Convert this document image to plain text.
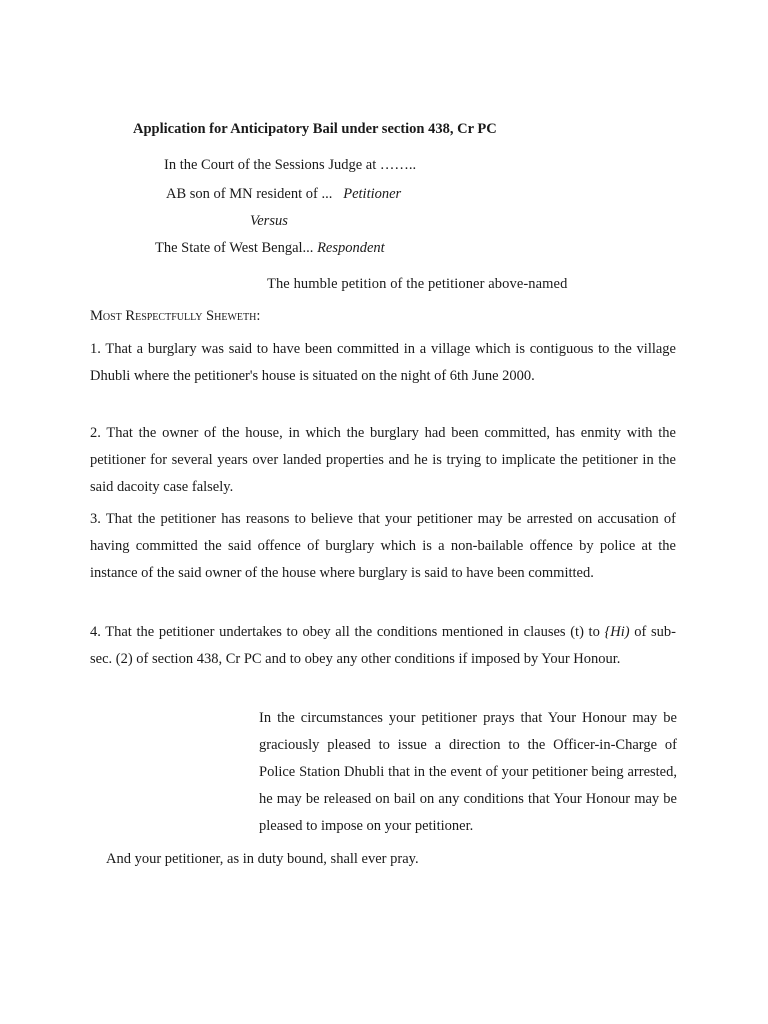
Application for Anticipatory Bail under section 438, Cr PC
In the Court of the Sessions Judge at ……..
AB son of MN resident of ... Petitioner
Versus
The State of West Bengal... Respondent
The humble petition of the petitioner above-named
Most Respectfully Sheweth:
1. That a burglary was said to have been committed in a village which is contiguous to the village Dhubli where the petitioner's house is situated on the night of 6th June 2000.
2. That the owner of the house, in which the burglary had been committed, has enmity with the petitioner for several years over landed properties and he is trying to implicate the petitioner in the said dacoity case falsely.
3. That the petitioner has reasons to believe that your petitioner may be arrested on accusation of having committed the said offence of burglary which is a non-bailable offence by police at the instance of the said owner of the house where burglary is said to have been committed.
4. That the petitioner undertakes to obey all the conditions mentioned in clauses (t) to {Hi) of sub-sec. (2) of section 438, Cr PC and to obey any other conditions if imposed by Your Honour.
In the circumstances your petitioner prays that Your Honour may be graciously pleased to issue a direction to the Officer-in-Charge of Police Station Dhubli that in the event of your petitioner being arrested, he may be released on bail on any conditions that Your Honour may be pleased to impose on your petitioner.
And your petitioner, as in duty bound, shall ever pray.
